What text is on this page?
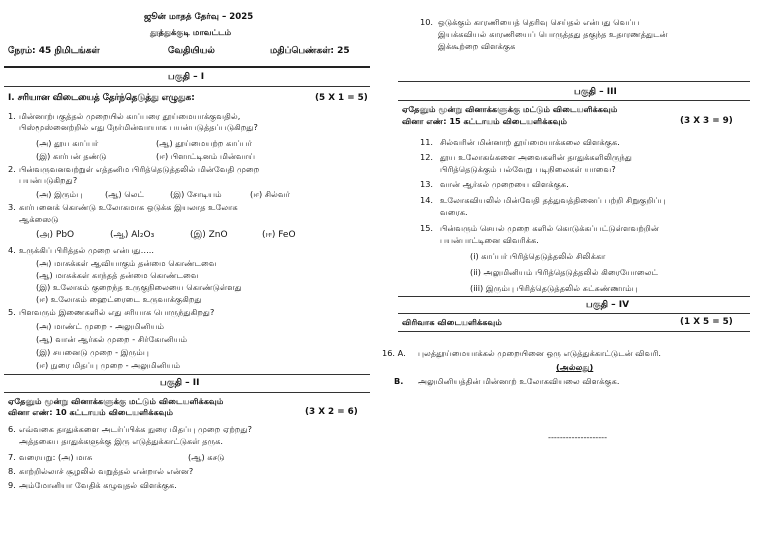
ஜூன் மாதத் தேர்வு – 2025
தூத்துக்குடி மாவட்டம்
நேரம்: 45 நிமிடங்கள்	வேதியியல்	மதிப்பெண்கள்: 25
பகுதி – I
I. சரியான விடையைத் தேர்ந்தெடுத்து எழுதுக:	(5 X 1 = 5)
1. மின்னாற்பகுத்தல் முறையில் காப்பரை தூய்மையாக்குவதில்,
பிஸ்மூஸ்னைற்றில் எது நேர்மின்வாயாக பயன்படுத்தப்படுகிறது?
(அ) தூய காப்பர்	(ஆ) தூய்மையற்ற காப்பர்
(இ) கார்பன் தண்டு	(ஈ) பிளாட்டினம் மின்வாய்
2. பின்வருவனவற்றுள் எத்தனிம பிரித்தெடுத்தலில் மின்வேதி முறை
பயன்படுகிறது?
(அ) இரும்பு	(ஆ) லெட்	(இ) சோடியம்	(ஈ) சில்வர்
3. கார்பனைக் கொண்டு உலோகமாக ஒடுக்க இயலாத உலோக
ஆக்ஸைடு
(அ) PbO	(ஆ) Al₂O₃	(இ) ZnO	(ஈ) FeO
4. உருக்கிப் பிரித்தல் முறை என்பது…..
(அ) மாசுக்கள் ஆவியாகும் தன்மை கொண்டவை
(ஆ) மாசுக்கள் காந்தத் தன்மை கொண்டவை
(இ) உலோகம் குறைந்த உருகுநிலையை கொண்டுள்ளது
(ஈ) உலோகம் ஹைட்ரைடை உருவாக்குகிறது
5. பிளவரும் இணைகளில் எது சரியாக பொருந்துகிறது?
(அ) மாண்ட் முறை - அலுமினியம்
(ஆ) வான் ஆர்கல் முறை - சிர்கோனியம்
(இ) சயனைடு முறை - இரும்பு
(ஈ) நுரை மிதப்பு முறை - அலுமினியம்
பகுதி – II
ஏதேனும் மூன்று வினாக்களுக்கு மட்டும் விடையளிக்கவும்
வினா எண்: 10 கட்டாயம் விடையளிக்கவும்	(3 X 2 = 6)
6. எவ்வகை தாதுக்களை அடர்ப்பிக்க நுரை மிதப்பு முறை ஏற்றது?
அத்தகைய தாதுக்களுக்கு இரு எடுத்துக்காட்டுகள் தருக.
7. வரையறு: (அ) மாசு	(ஆ) கசடு
8. காற்றில்லாச் சூழலில் வறுத்தல் என்றால் என்ன?
9. அம்மோனியா வேதிக் கழுவுதல் விளக்குக.
10. ஒடுக்கும் காரணியைத் தெரிவு செய்தல் என்பது வெப்ப
இயக்கவியல் காரணியைப் பொருத்தது தகுந்த உதாரணத்துடன்
இக்கூற்றை விளக்குக
பகுதி – III
ஏதேனும் மூன்று வினாக்களுக்கு மட்டும் விடையளிக்கவும்
வினா எண்: 15 கட்டாயம் விடையளிக்கவும்	(3 X 3 = 9)
11. சில்வரின் மின்னாற் தூய்மையாக்கலை விளக்குக.
12. தூய உலோகங்களை அவைகளின் தாதுக்களிலிருந்து
பிரித்தெடுக்கும் பல்வேறு படிநிலைகள் யாவை?
13. வான் ஆர்கல் முறையை விளக்குக.
14. உலோகவியலில் மின்வேதி தத்துவத்தினைப் பற்றி சிறுகுறிப்பு
வரைக.
15. பின்வரும் செயல் முறை களில் கொடுக்கப்பட்டுள்ளவற்றின்
பயன்பாட்டினை விவரிக்க.
(i) காப்பர் பிரித்தெடுத்தலில் சிலிக்கா
(ii) அலுமினியம் பிரித்தெடுத்தலில் கிரையோலைட்
(iii) இரும்பு பிரித்தெடுத்தலில் சுட்சுண்ணாம்பு
பகுதி – IV
விரிவாக விடையளிக்கவும்	(1 X 5 = 5)
16. A. புலத்தூய்மையாக்கல் முறையினை ஒரு எடுத்துக்காட்டுடன் விவரி.
(அல்லது)
B. அலுமினியத்தின் மின்னாற் உலோகவியலை விளக்குக.
--------------------
